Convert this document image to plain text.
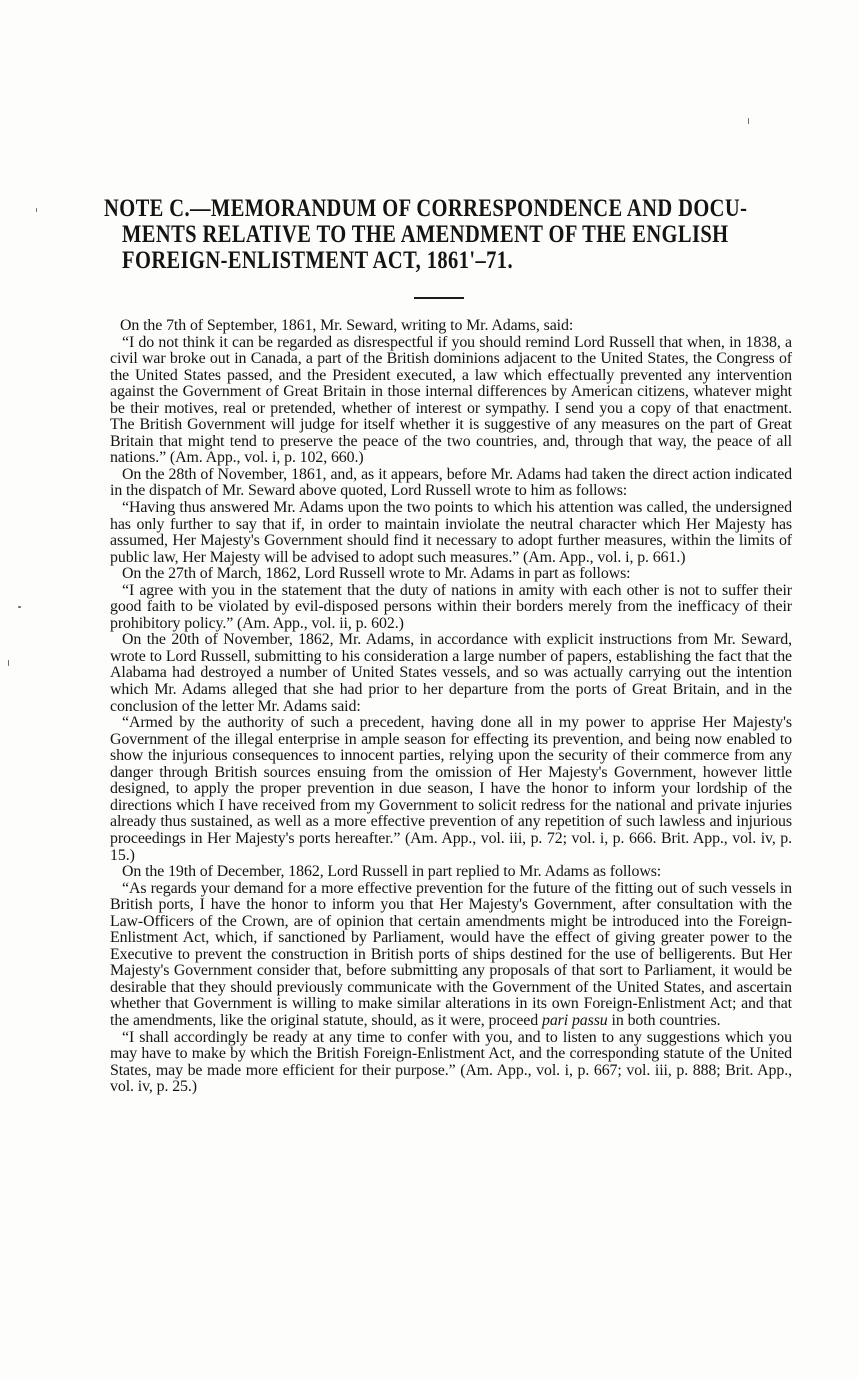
NOTE C.—MEMORANDUM OF CORRESPONDENCE AND DOCU-
MENTS RELATIVE TO THE AMENDMENT OF THE ENGLISH
FOREIGN-ENLISTMENT ACT, 1861'–71.

On the 7th of September, 1861, Mr. Seward, writing to Mr. Adams, said:

“I do not think it can be regarded as disrespectful if you should remind Lord Russell that when, in 1838, a civil war broke out in Canada, a part of the British dominions adjacent to the United States, the Congress of the United States passed, and the President executed, a law which effectually prevented any intervention against the Government of Great Britain in those internal differences by American citizens, whatever might be their motives, real or pretended, whether of interest or sympathy. I send you a copy of that enactment. The British Government will judge for itself whether it is suggestive of any measures on the part of Great Britain that might tend to preserve the peace of the two countries, and, through that way, the peace of all nations.” (Am. App., vol. i, p. 102, 660.)

On the 28th of November, 1861, and, as it appears, before Mr. Adams had taken the direct action indicated in the dispatch of Mr. Seward above quoted, Lord Russell wrote to him as follows:

“Having thus answered Mr. Adams upon the two points to which his attention was called, the undersigned has only further to say that if, in order to maintain inviolate the neutral character which Her Majesty has assumed, Her Majesty's Government should find it necessary to adopt further measures, within the limits of public law, Her Majesty will be advised to adopt such measures.” (Am. App., vol. i, p. 661.)

On the 27th of March, 1862, Lord Russell wrote to Mr. Adams in part as follows:

“I agree with you in the statement that the duty of nations in amity with each other is not to suffer their good faith to be violated by evil-disposed persons within their borders merely from the inefficacy of their prohibitory policy.” (Am. App., vol. ii, p. 602.)

On the 20th of November, 1862, Mr. Adams, in accordance with explicit instructions from Mr. Seward, wrote to Lord Russell, submitting to his consideration a large number of papers, establishing the fact that the Alabama had destroyed a number of United States vessels, and so was actually carrying out the intention which Mr. Adams alleged that she had prior to her departure from the ports of Great Britain, and in the conclusion of the letter Mr. Adams said:

“Armed by the authority of such a precedent, having done all in my power to apprise Her Majesty's Government of the illegal enterprise in ample season for effecting its prevention, and being now enabled to show the injurious consequences to innocent parties, relying upon the security of their commerce from any danger through British sources ensuing from the omission of Her Majesty's Government, however little designed, to apply the proper prevention in due season, I have the honor to inform your lordship of the directions which I have received from my Government to solicit redress for the national and private injuries already thus sustained, as well as a more effective prevention of any repetition of such lawless and injurious proceedings in Her Majesty's ports hereafter.” (Am. App., vol. iii, p. 72; vol. i, p. 666. Brit. App., vol. iv, p. 15.)

On the 19th of December, 1862, Lord Russell in part replied to Mr. Adams as follows:

“As regards your demand for a more effective prevention for the future of the fitting out of such vessels in British ports, I have the honor to inform you that Her Majesty's Government, after consultation with the Law-Officers of the Crown, are of opinion that certain amendments might be introduced into the Foreign-Enlistment Act, which, if sanctioned by Parliament, would have the effect of giving greater power to the Executive to prevent the construction in British ports of ships destined for the use of belligerents. But Her Majesty's Government consider that, before submitting any proposals of that sort to Parliament, it would be desirable that they should previously communicate with the Government of the United States, and ascertain whether that Government is willing to make similar alterations in its own Foreign-Enlistment Act; and that the amendments, like the original statute, should, as it were, proceed pari passu in both countries.

“I shall accordingly be ready at any time to confer with you, and to listen to any suggestions which you may have to make by which the British Foreign-Enlistment Act, and the corresponding statute of the United States, may be made more efficient for their purpose.” (Am. App., vol. i, p. 667; vol. iii, p. 888; Brit. App., vol. iv, p. 25.)
